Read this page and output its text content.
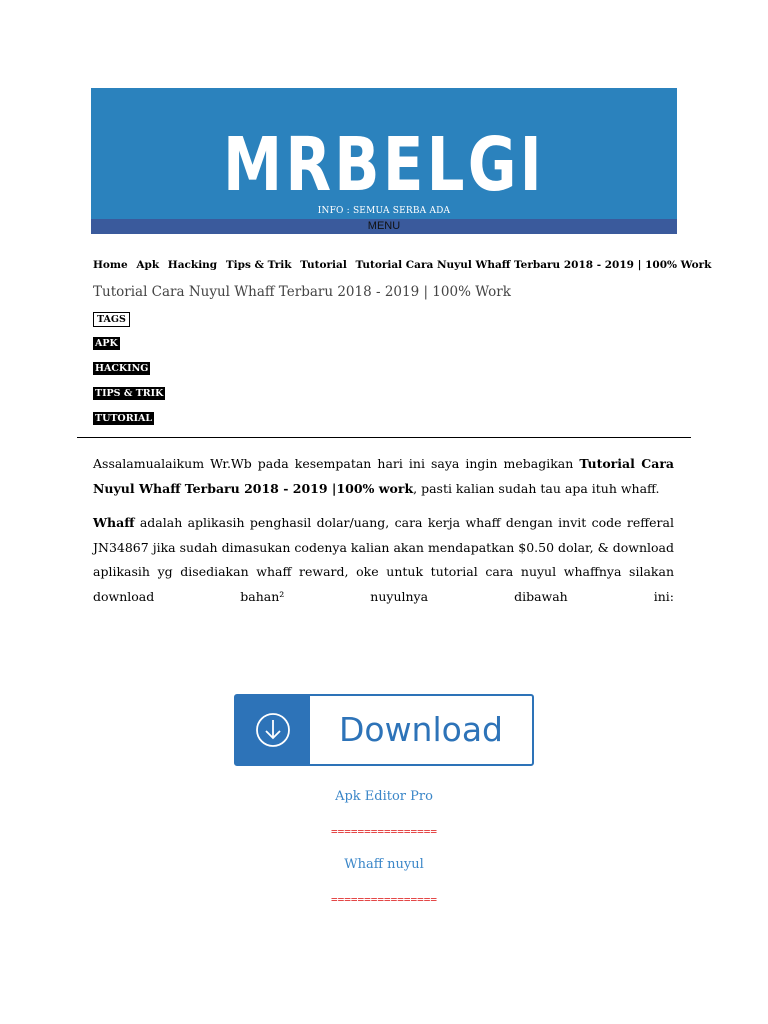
MRBELGI
INFO : SEMUA SERBA ADA
MENU
Home Apk Hacking Tips & Trik Tutorial Tutorial Cara Nuyul Whaff Terbaru 2018 - 2019 | 100% Work
Tutorial Cara Nuyul Whaff Terbaru 2018 - 2019 | 100% Work
TAGS
APK
HACKING
TIPS & TRIK
TUTORIAL

Assalamualaikum Wr.Wb pada kesempatan hari ini saya ingin mebagikan Tutorial Cara Nuyul Whaff Terbaru 2018 - 2019 |100% work, pasti kalian sudah tau apa ituh whaff.

Whaff adalah aplikasih penghasil dolar/uang, cara kerja whaff dengan invit code refferal JN34867 jika sudah dimasukan codenya kalian akan mendapatkan $0.50 dolar, & download aplikasih yg disediakan whaff reward, oke untuk tutorial cara nuyul whaffnya silakan download bahan² nuyulnya dibawah ini:

Download
Apk Editor Pro
================
Whaff nuyul
================
